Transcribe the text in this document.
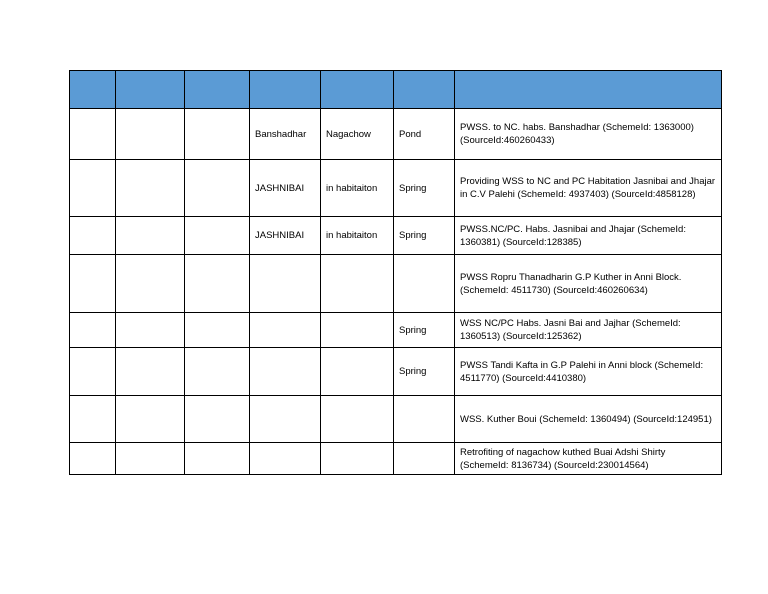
			Banshadhar	Nagachow	Pond	PWSS. to NC. habs. Banshadhar (SchemeId: 1363000) (SourceId:460260433)
			JASHNIBAI	in habitaiton	Spring	Providing WSS to NC and PC Habitation Jasnibai and Jhajar in C.V Palehi (SchemeId: 4937403) (SourceId:4858128)
			JASHNIBAI	in habitaiton	Spring	PWSS.NC/PC. Habs. Jasnibai and Jhajar (SchemeId: 1360381) (SourceId:128385)
						PWSS Ropru Thanadharin G.P Kuther in Anni Block. (SchemeId: 4511730) (SourceId:460260634)
					Spring	WSS NC/PC Habs. Jasni Bai and Jajhar (SchemeId: 1360513) (SourceId:125362)
					Spring	PWSS Tandi Kafta in G.P Palehi in Anni block (SchemeId: 4511770) (SourceId:4410380)
						WSS. Kuther Boui (SchemeId: 1360494) (SourceId:124951)
						Retrofiting of nagachow kuthed Buai Adshi Shirty (SchemeId: 8136734) (SourceId:230014564)
